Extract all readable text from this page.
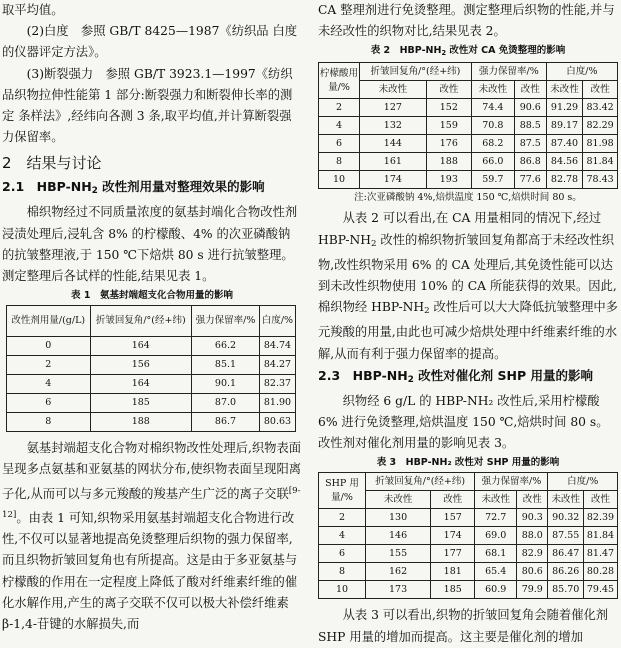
取平均值。

(2)白度　参照 GB/T 8425—1987《纺织品 白度的仪器评定方法》。

(3)断裂强力　参照 GB/T 3923.1—1997《纺织品织物拉伸性能第 1 部分:断裂强力和断裂伸长率的测定 条样法》,经纬向各测 3 条,取平均值,并计算断裂强力保留率。

2　结果与讨论
2.1　HBP-$NH_2$ 改性剂用量对整理效果的影响

棉织物经过不同质量浓度的氨基封端化合物改性剂浸渍处理后,浸轧含 8% 的柠檬酸、4% 的次亚磷酸钠的抗皱整理液,于 150 ℃下焙烘 80 s 进行抗皱整理。测定整理后各试样的性能,结果见表 1。

表 1　氨基封端超支化合物用量的影响
改性剂用量/(g/L)	折皱回复角/°(经+纬)	强力保留率/%	白度/%
0	164	66.2	84.74
2	156	85.1	84.27
4	164	90.1	82.37
6	185	87.0	81.90
8	188	86.7	80.63

氨基封端超支化合物对棉织物改性处理后,织物表面呈现多点氨基和亚氨基的网状分布,使织物表面呈现阳离子化,从而可以与多元羧酸的羧基产生广泛的离子交联[9-12]。由表 1 可知,织物采用氨基封端超支化合物进行改性,不仅可以显著地提高免烫整理后织物的强力保留率,而且织物折皱回复角也有所提高。这是由于多亚氨基与柠檬酸的作用在一定程度上降低了酸对纤维素纤维的催化水解作用,产生的离子交联不仅可以极大补偿纤维素 β-1,4-苷键的水解损失,而

CA 整理剂进行免烫整理。测定整理后织物的性能,并与未经改性的织物对比,结果见表 2。

表 2　HBP-$NH_2$ 改性对 CA 免烫整理的影响
柠檬酸用量/%	折皱回复角/°(经+纬)		强力保留率/%		白度/%	
	未改性	改性	未改性	改性	未改性	改性
2	127	152	74.4	90.6	91.29	83.42
4	132	159	70.8	88.5	89.17	82.29
6	144	176	68.2	87.5	87.40	81.98
8	161	188	66.0	86.8	84.56	81.84
10	174	193	59.7	77.6	82.78	78.43
注:次亚磷酸钠 4%,焙烘温度 150 ℃,焙烘时间 80 s。

从表 2 可以看出,在 CA 用量相同的情况下,经过 HBP-$NH_2$ 改性的棉织物折皱回复角都高于未经改性织物,改性织物采用 6% 的 CA 处理后,其免烫性能可以达到未改性织物使用 10% 的 CA 所能获得的效果。因此,棉织物经 HBP-$NH_2$ 改性后可以大大降低抗皱整理中多元羧酸的用量,由此也可减少焙烘处理中纤维素纤维的水解,从而有利于强力保留率的提高。

2.3　HBP-$NH_2$ 改性对催化剂 SHP 用量的影响

织物经 6 g/L 的 HBP-NH₂ 改性后,采用柠檬酸 6% 进行免烫整理,焙烘温度 150 ℃,焙烘时间 80 s。改性剂对催化剂用量的影响见表 3。

表 3　HBP-NH₂ 改性对 SHP 用量的影响
SHP 用量/%	折皱回复角/°(经+纬)		强力保留率/%		白度/%	
	未改性	改性	未改性	改性	未改性	改性
2	130	157	72.7	90.3	90.32	82.39
4	146	174	69.0	88.0	87.55	81.84
6	155	177	68.1	82.9	86.47	81.47
8	162	181	65.4	80.6	86.26	80.28
10	173	185	60.9	79.9	85.70	79.45

从表 3 可以看出,织物的折皱回复角会随着催化剂 SHP 用量的增加而提高。这主要是催化剂的增加
